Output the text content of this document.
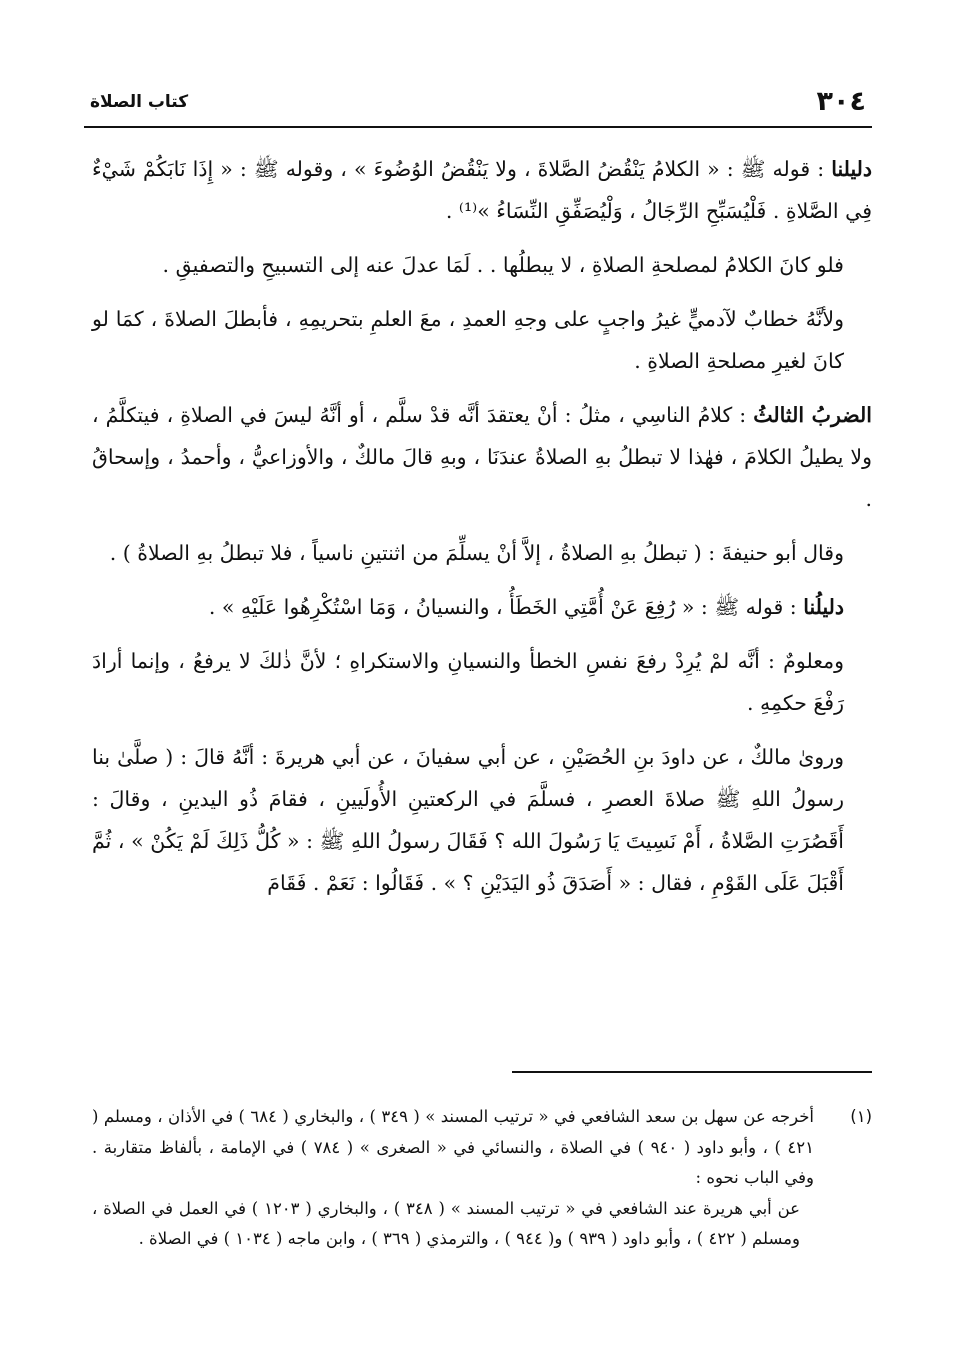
٣٠٤
كتاب الصلاة

دليلنا : قوله ﷺ : « الكلامُ يَنْقُضُ الصَّلاةَ ، ولا يَنْقُضُ الوُضُوءَ » ، وقوله ﷺ : « إِذَا نَابَكُمْ شَيْءٌ فِي الصَّلاةِ . فَلْيُسَبِّحِ الرِّجَالُ ، وَلْيُصَفِّقِ النِّسَاءُ »⁽¹⁾ .

فلو كانَ الكلامُ لمصلحةِ الصلاةِ ، لا يبطلُها . . لَمَا عدلَ عنه إلى التسبيحِ والتصفيقِ .

ولأنَّهُ خطابٌ لآدميٍّ غيرُ واجبٍ على وجهِ العمدِ ، معَ العلمِ بتحريمِهِ ، فأبطلَ الصلاةَ ، كمَا لو كانَ لغيرِ مصلحةِ الصلاةِ .

الضربُ الثالثُ : كلامُ الناسِي ، مثلُ : أنْ يعتقدَ أنَّه قدْ سلَّم ، أو أنَّهُ ليسَ في الصلاةِ ، فيتكلَّمُ ، ولا يطيلُ الكلامَ ، فهٰذا لا تبطلُ بهِ الصلاةُ عندَنَا ، وبهِ قالَ مالكٌ ، والأوزاعيُّ ، وأحمدُ ، وإسحاقُ .

وقال أبو حنيفةَ : ( تبطلُ بهِ الصلاةُ ، إلاَّ أنْ يسلِّمَ من اثنتينِ ناسياً ، فلا تبطلُ بهِ الصلاةُ ) .

دليلُنا : قوله ﷺ : « رُفِعَ عَنْ أُمَّتِي الخَطَأُ ، والنسيانُ ، وَمَا اسْتُكْرِهُوا عَلَيْهِ » .

ومعلومٌ : أنَّه لمْ يُرِدْ رفعَ نفسِ الخطأ والنسيانِ والاستكراهِ ؛ لأنَّ ذٰلكَ لا يرفعُ ، وإنما أرادَ رَفْعَ حكمِهِ .

وروىٰ مالكٌ ، عن داودَ بنِ الحُصَيْنِ ، عن أبي سفيانَ ، عن أبي هريرةَ : أنَّهُ قالَ : ( صلَّىٰ بنا رسولُ اللهِ ﷺ صلاةَ العصرِ ، فسلَّمَ في الركعتينِ الأُولَيينِ ، فقامَ ذُو اليدينِ ، وقالَ : أَقَصُرَتِ الصَّلاةُ ، أَمْ نَسِيتَ يَا رَسُولَ الله ؟ فَقَالَ رسولُ اللهِ ﷺ : « كُلُّ ذَلِكَ لَمْ يَكُنْ » ، ثُمَّ أَقْبَلَ عَلَى القَوْمِ ، فقال : « أَصَدَقَ ذُو اليَدَيْنِ ؟ » . فَقَالُوا : نَعَمْ . فَقَامَ

(١)

أخرجه عن سهل بن سعد الشافعي في « ترتيب المسند » ( ٣٤٩ ) ، والبخاري ( ٦٨٤ ) في الأذان ، ومسلم ( ٤٢١ ) ، وأبو داود ( ٩٤٠ ) في الصلاة ، والنسائي في « الصغرى » ( ٧٨٤ ) في الإمامة ، بألفاظ متقاربة . وفي الباب نحوه :

عن أبي هريرة عند الشافعي في « ترتيب المسند » ( ٣٤٨ ) ، والبخاري ( ١٢٠٣ ) في العمل في الصلاة ، ومسلم ( ٤٢٢ ) ، وأبو داود ( ٩٣٩ ) و( ٩٤٤ ) ، والترمذي ( ٣٦٩ ) ، وابن ماجه ( ١٠٣٤ ) في الصلاة .
